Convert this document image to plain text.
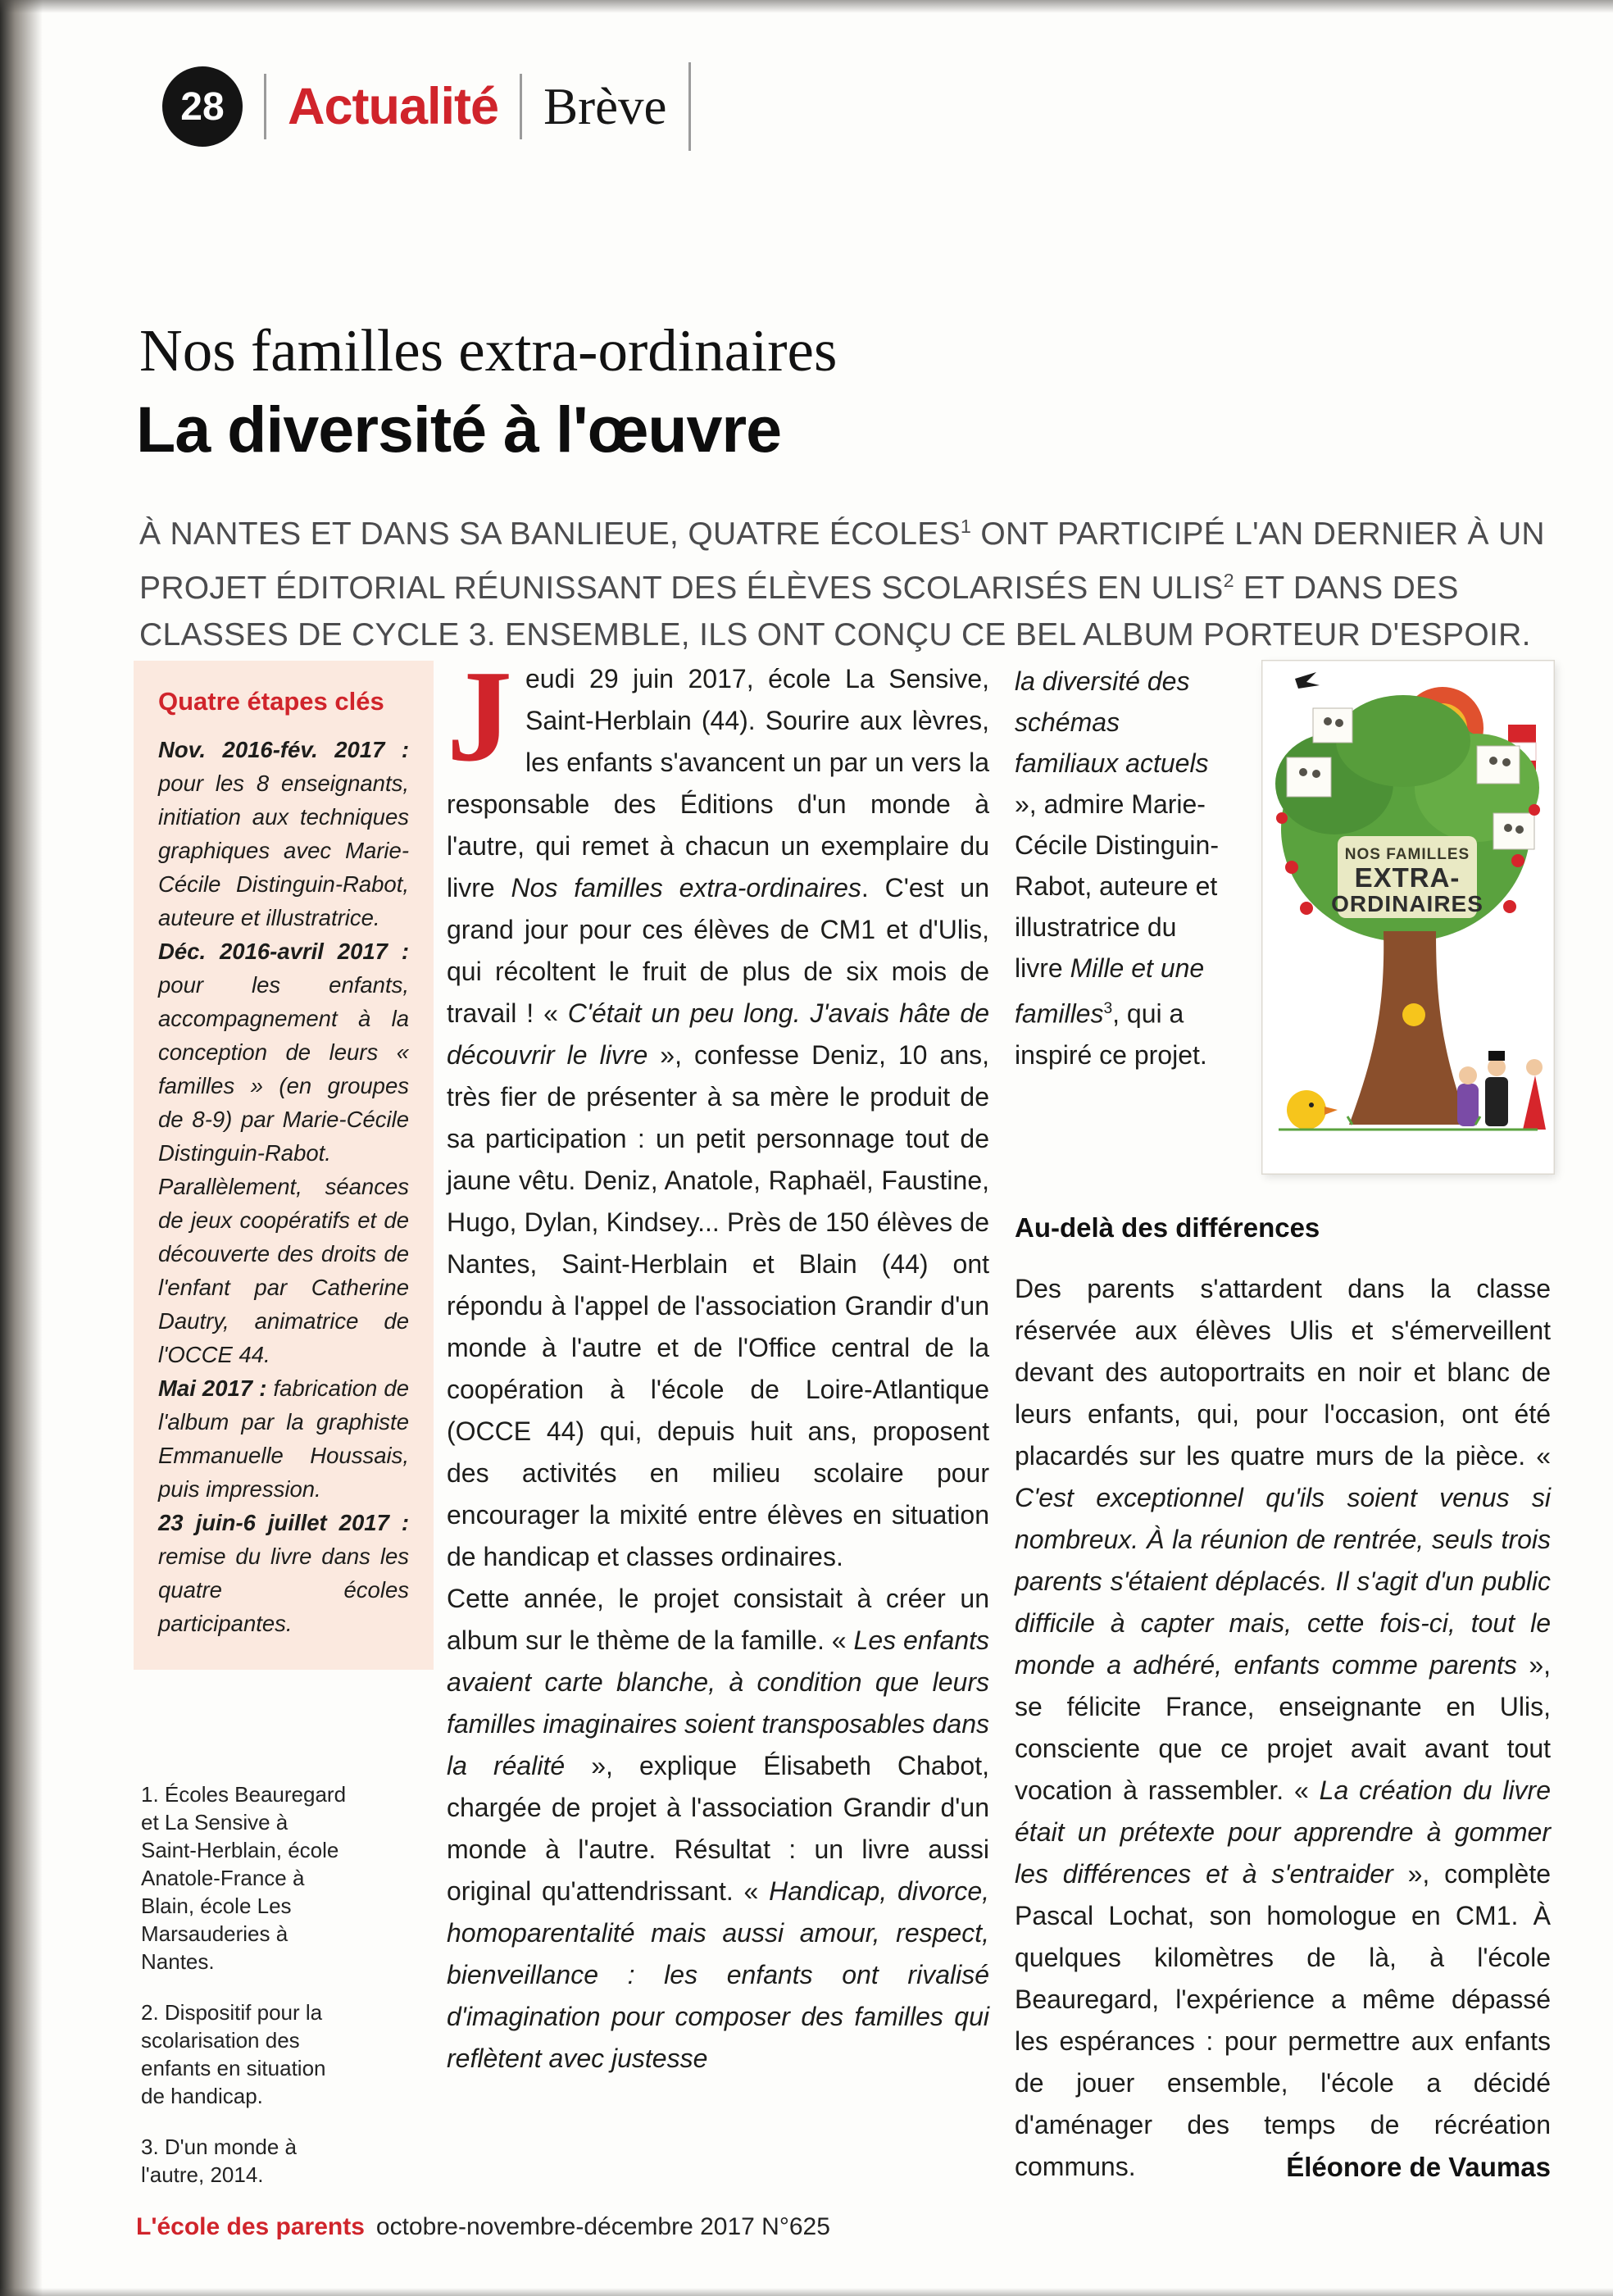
28	Actualité Brève
Nos familles extra-ordinaires
La diversité à l'œuvre
À NANTES ET DANS SA BANLIEUE, QUATRE ÉCOLES$^1$ ONT PARTICIPÉ L'AN DERNIER À UN PROJET ÉDITORIAL RÉUNISSANT DES ÉLÈVES SCOLARISÉS EN ULIS$^2$ ET DANS DES CLASSES DE CYCLE 3. ENSEMBLE, ILS ONT CONÇU CE BEL ALBUM PORTEUR D'ESPOIR.
Quatre étapes clés
Nov. 2016-fév. 2017 : pour les 8 enseignants, initiation aux techniques graphiques avec Marie-Cécile Distinguin-Rabot, auteure et illustratrice.
Déc. 2016-avril 2017 : pour les enfants, accompagnement à la conception de leurs « familles » (en groupes de 8-9) par Marie-Cécile Distinguin-Rabot. Parallèlement, séances de jeux coopératifs et de découverte des droits de l'enfant par Catherine Dautry, animatrice de l'OCCE 44.
Mai 2017 : fabrication de l'album par la graphiste Emmanuelle Houssais, puis impression.
23 juin-6 juillet 2017 : remise du livre dans les quatre écoles participantes.
1. Écoles Beauregard et La Sensive à Saint-Herblain, école Anatole-France à Blain, école Les Marsauderies à Nantes.
2. Dispositif pour la scolarisation des enfants en situation de handicap.
3. D'un monde à l'autre, 2014.

Jeudi 29 juin 2017, école La Sensive, Saint-Herblain (44). Sourire aux lèvres, les enfants s'avancent un par un vers la responsable des Éditions d'un monde à l'autre, qui remet à chacun un exemplaire du livre Nos familles extra-ordinaires. C'est un grand jour pour ces élèves de CM1 et d'Ulis, qui récoltent le fruit de plus de six mois de travail ! « C'était un peu long. J'avais hâte de découvrir le livre », confesse Deniz, 10 ans, très fier de présenter à sa mère le produit de sa participation : un petit personnage tout de jaune vêtu. Deniz, Anatole, Raphaël, Faustine, Hugo, Dylan, Kindsey... Près de 150 élèves de Nantes, Saint-Herblain et Blain (44) ont répondu à l'appel de l'association Grandir d'un monde à l'autre et de l'Office central de la coopération à l'école de Loire-Atlantique (OCCE 44) qui, depuis huit ans, proposent des activités en milieu scolaire pour encourager la mixité entre élèves en situation de handicap et classes ordinaires.

Cette année, le projet consistait à créer un album sur le thème de la famille. « Les enfants avaient carte blanche, à condition que leurs familles imaginaires soient transposables dans la réalité », explique Élisabeth Chabot, chargée de projet à l'association Grandir d'un monde à l'autre. Résultat : un livre aussi original qu'attendrissant. « Handicap, divorce, homoparentalité mais aussi amour, respect, bienveillance : les enfants ont rivalisé d'imagination pour composer des familles qui reflètent avec justesse

la diversité des schémas familiaux actuels », admire Marie-Cécile Distinguin-Rabot, auteure et illustratrice du livre Mille et une familles$^3$, qui a inspiré ce projet.
Au-delà des différences

Des parents s'attardent dans la classe réservée aux élèves Ulis et s'émerveillent devant des autoportraits en noir et blanc de leurs enfants, qui, pour l'occasion, ont été placardés sur les quatre murs de la pièce. « C'est exceptionnel qu'ils soient venus si nombreux. À la réunion de rentrée, seuls trois parents s'étaient déplacés. Il s'agit d'un public difficile à capter mais, cette fois-ci, tout le monde a adhéré, enfants comme parents », se félicite France, enseignante en Ulis, consciente que ce projet avait avant tout vocation à rassembler. « La création du livre était un prétexte pour apprendre à gommer les différences et à s'entraider », complète Pascal Lochat, son homologue en CM1. À quelques kilomètres de là, à l'école Beauregard, l'expérience a même dépassé les espérances : pour permettre aux enfants de jouer ensemble, l'école a décidé d'aménager des temps de récréation communs.	Éléonore de Vaumas
NOS FAMILLES
EXTRA-
ORDINAIRES
L'école des parents octobre-novembre-décembre 2017 N°625
